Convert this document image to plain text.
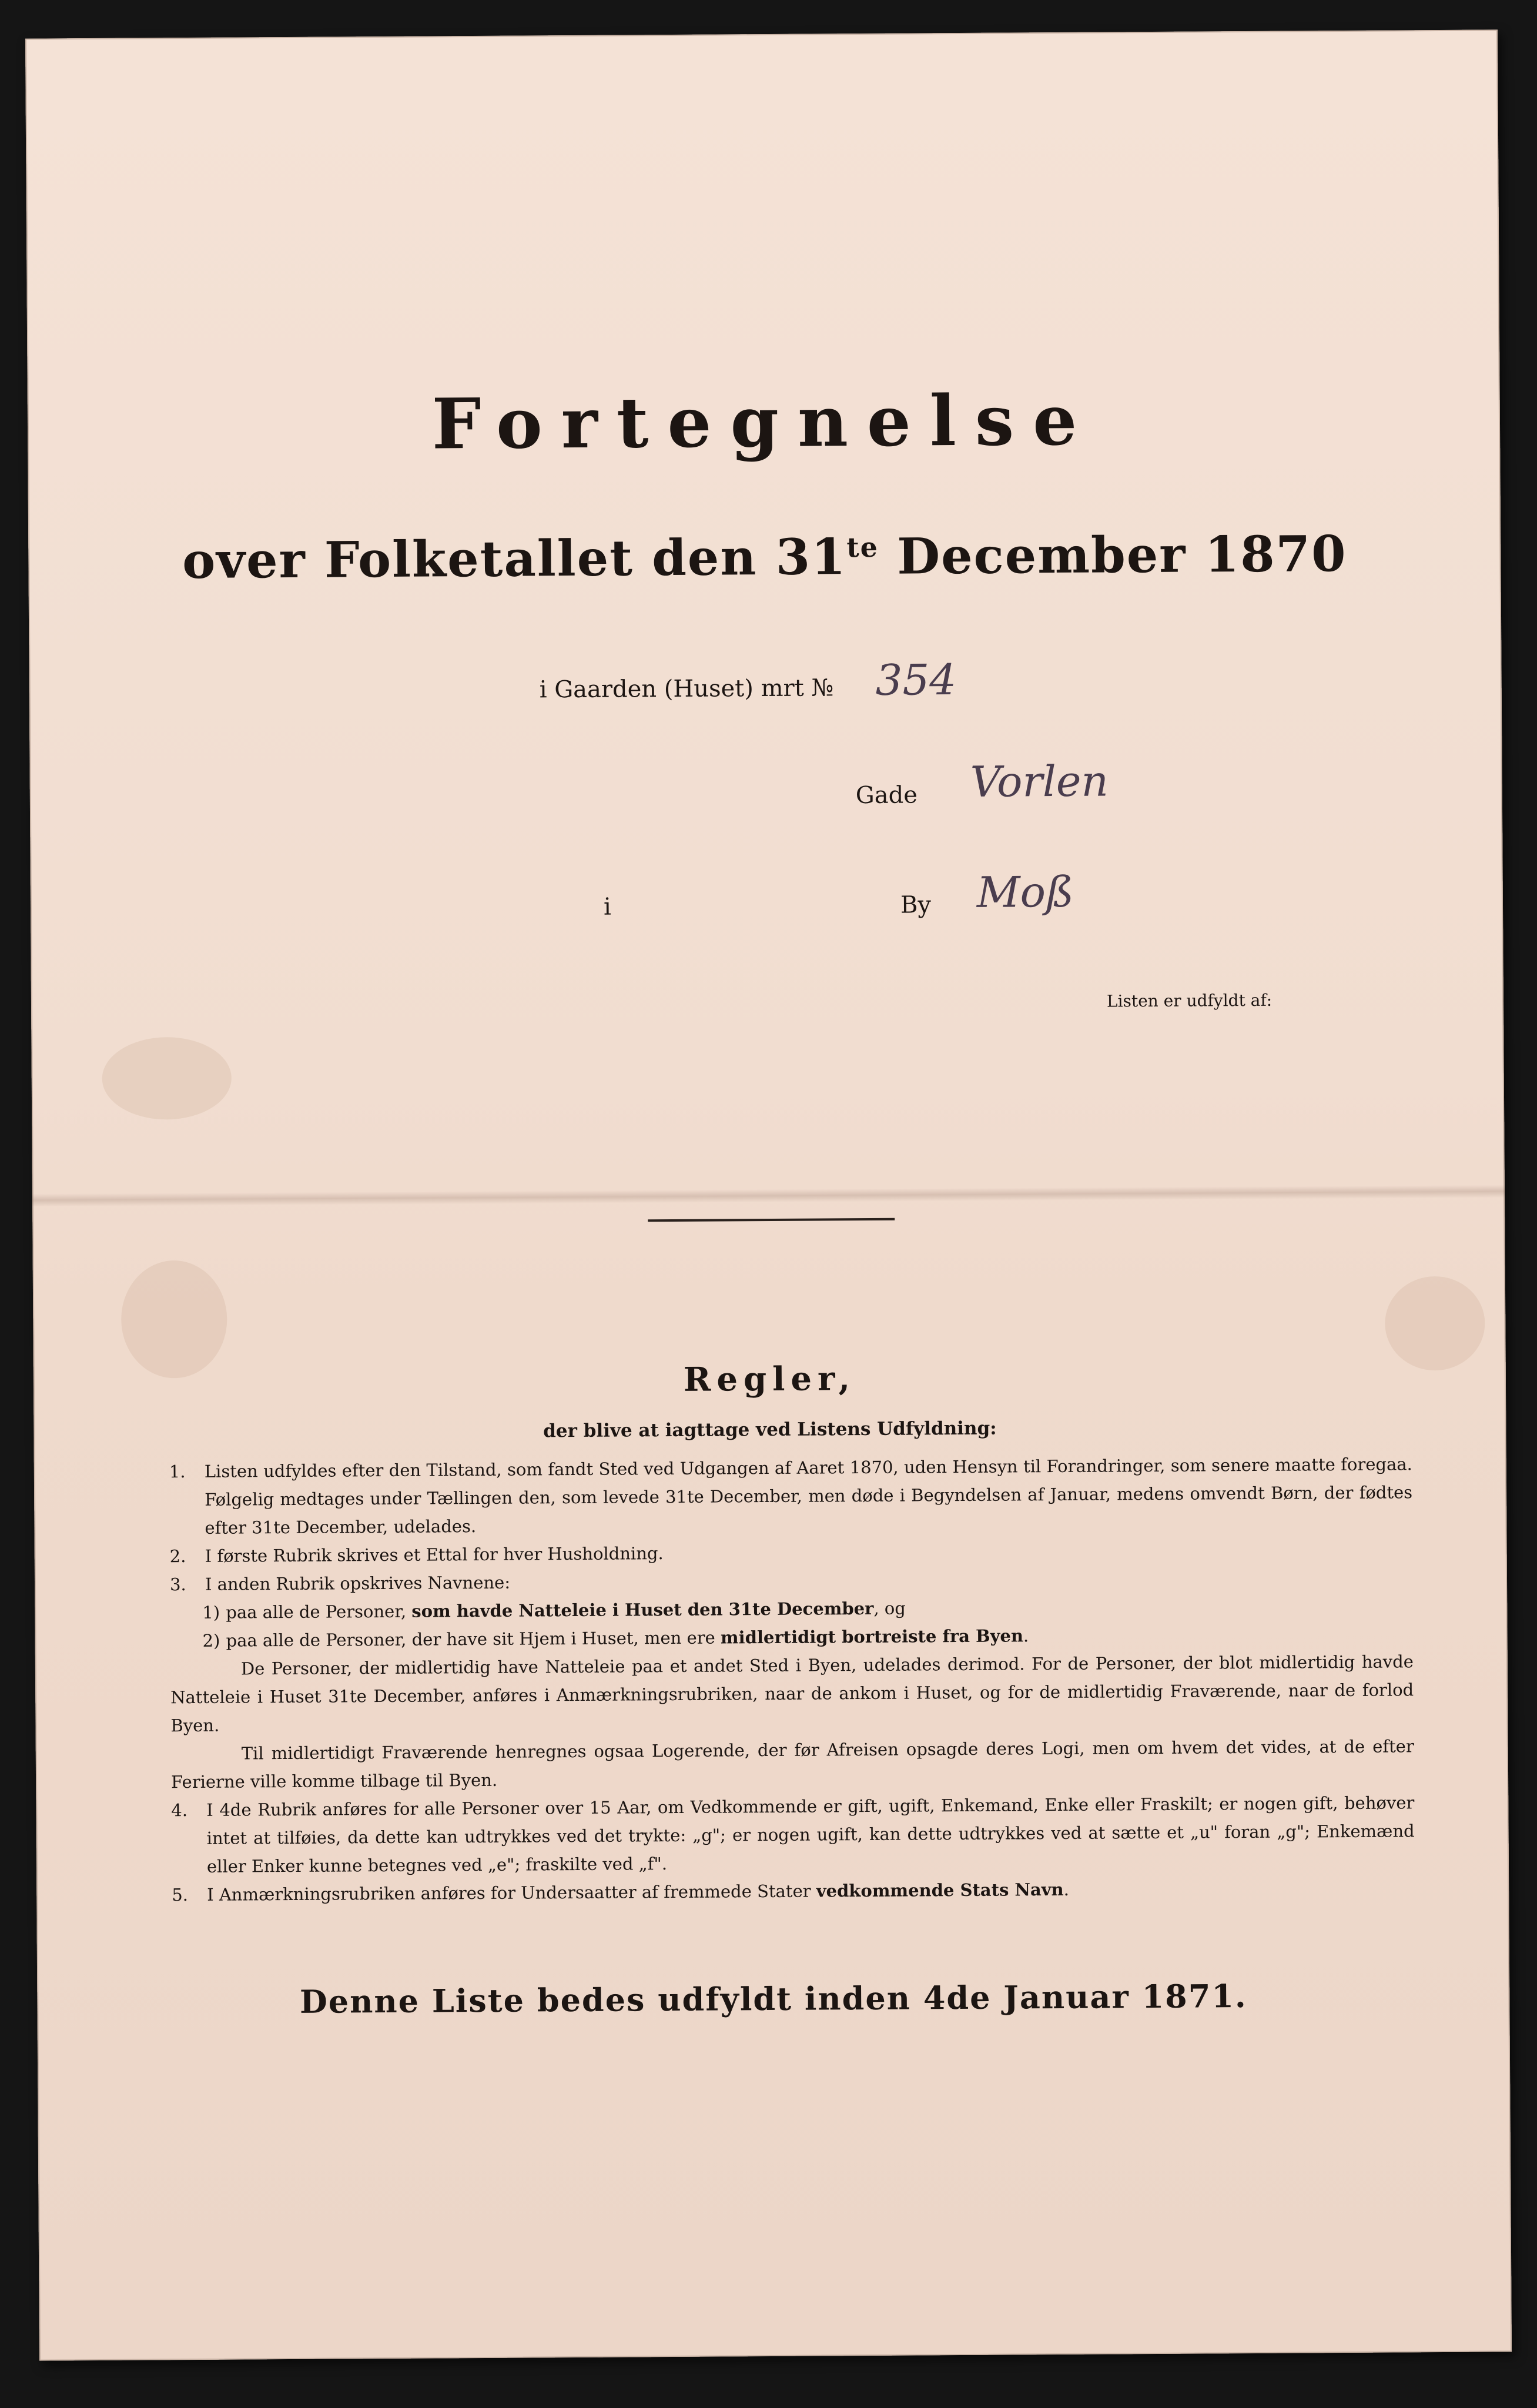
Fortegnelse
over Folketallet den $31^{te}$ December 1870
i Gaarden (Huset) mrt № 354
Gade Vorlen
i	By Moß
Listen er udfyldt af:
Regler,
der blive at iagttage ved Listens Udfyldning:
1. Listen udfyldes efter den Tilstand, som fandt Sted ved Udgangen af Aaret 1870, uden Hensyn til Forandringer, som senere maatte foregaa. Følgelig medtages under Tællingen den, som levede 31te December, men døde i Begyndelsen af Januar, medens omvendt Børn, der fødtes efter 31te December, udelades.
2. I første Rubrik skrives et Ettal for hver Husholdning.
3. I anden Rubrik opskrives Navnene:
1) paa alle de Personer, som havde Natteleie i Huset den 31te December, og
2) paa alle de Personer, der have sit Hjem i Huset, men ere midlertidigt bortreiste fra Byen.
De Personer, der midlertidig have Natteleie paa et andet Sted i Byen, udelades derimod. For de Personer, der blot midlertidig havde Natteleie i Huset 31te December, anføres i Anmærkningsrubriken, naar de ankom i Huset, og for de midlertidig Fraværende, naar de forlod Byen.
Til midlertidigt Fraværende henregnes ogsaa Logerende, der før Afreisen opsagde deres Logi, men om hvem det vides, at de efter Ferierne ville komme tilbage til Byen.
4. I 4de Rubrik anføres for alle Personer over 15 Aar, om Vedkommende er gift, ugift, Enkemand, Enke eller Fraskilt; er nogen gift, behøver intet at tilføies, da dette kan udtrykkes ved det trykte: „g"; er nogen ugift, kan dette udtrykkes ved at sætte et „u" foran „g"; Enkemænd eller Enker kunne betegnes ved „e"; fraskilte ved „f".
5. I Anmærkningsrubriken anføres for Undersaatter af fremmede Stater vedkommende Stats Navn.
Denne Liste bedes udfyldt inden 4de Januar 1871.
